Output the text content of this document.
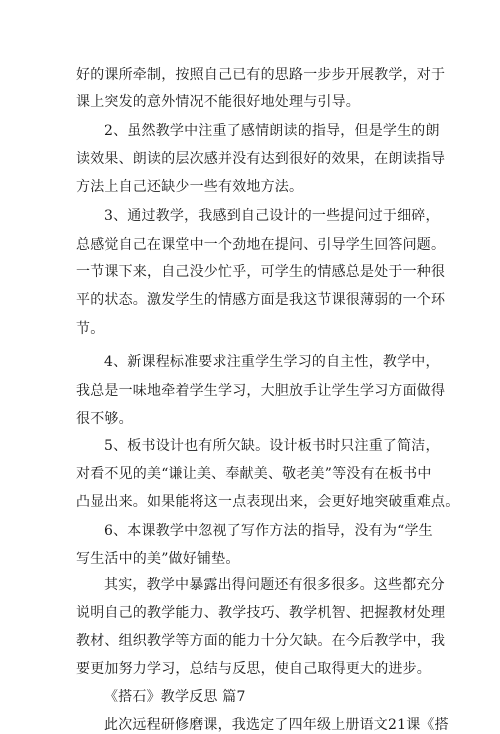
好的课所牵制，按照自己已有的思路一步步开展教学，对于
课上突发的意外情况不能很好地处理与引导。
2、虽然教学中注重了感情朗读的指导，但是学生的朗
读效果、朗读的层次感并没有达到很好的效果，在朗读指导
方法上自己还缺少一些有效地方法。
3、通过教学，我感到自己设计的一些提问过于细碎，
总感觉自己在课堂中一个劲地在提问、引导学生回答问题。
一节课下来，自己没少忙乎，可学生的情感总是处于一种很
平的状态。激发学生的情感方面是我这节课很薄弱的一个环
节。
4、新课程标准要求注重学生学习的自主性，教学中，
我总是一味地牵着学生学习，大胆放手让学生学习方面做得
很不够。
5、板书设计也有所欠缺。设计板书时只注重了简洁，
对看不见的美“谦让美、奉献美、敬老美”等没有在板书中
凸显出来。如果能将这一点表现出来，会更好地突破重难点。
6、本课教学中忽视了写作方法的指导，没有为“学生
写生活中的美”做好铺垫。
其实，教学中暴露出得问题还有很多很多。这些都充分
说明自己的教学能力、教学技巧、教学机智、把握教材处理
教材、组织教学等方面的能力十分欠缺。在今后教学中，我
要更加努力学习，总结与反思，使自己取得更大的进步。
《搭石》教学反思 篇7
此次远程研修磨课，我选定了四年级上册语文21课《搭
